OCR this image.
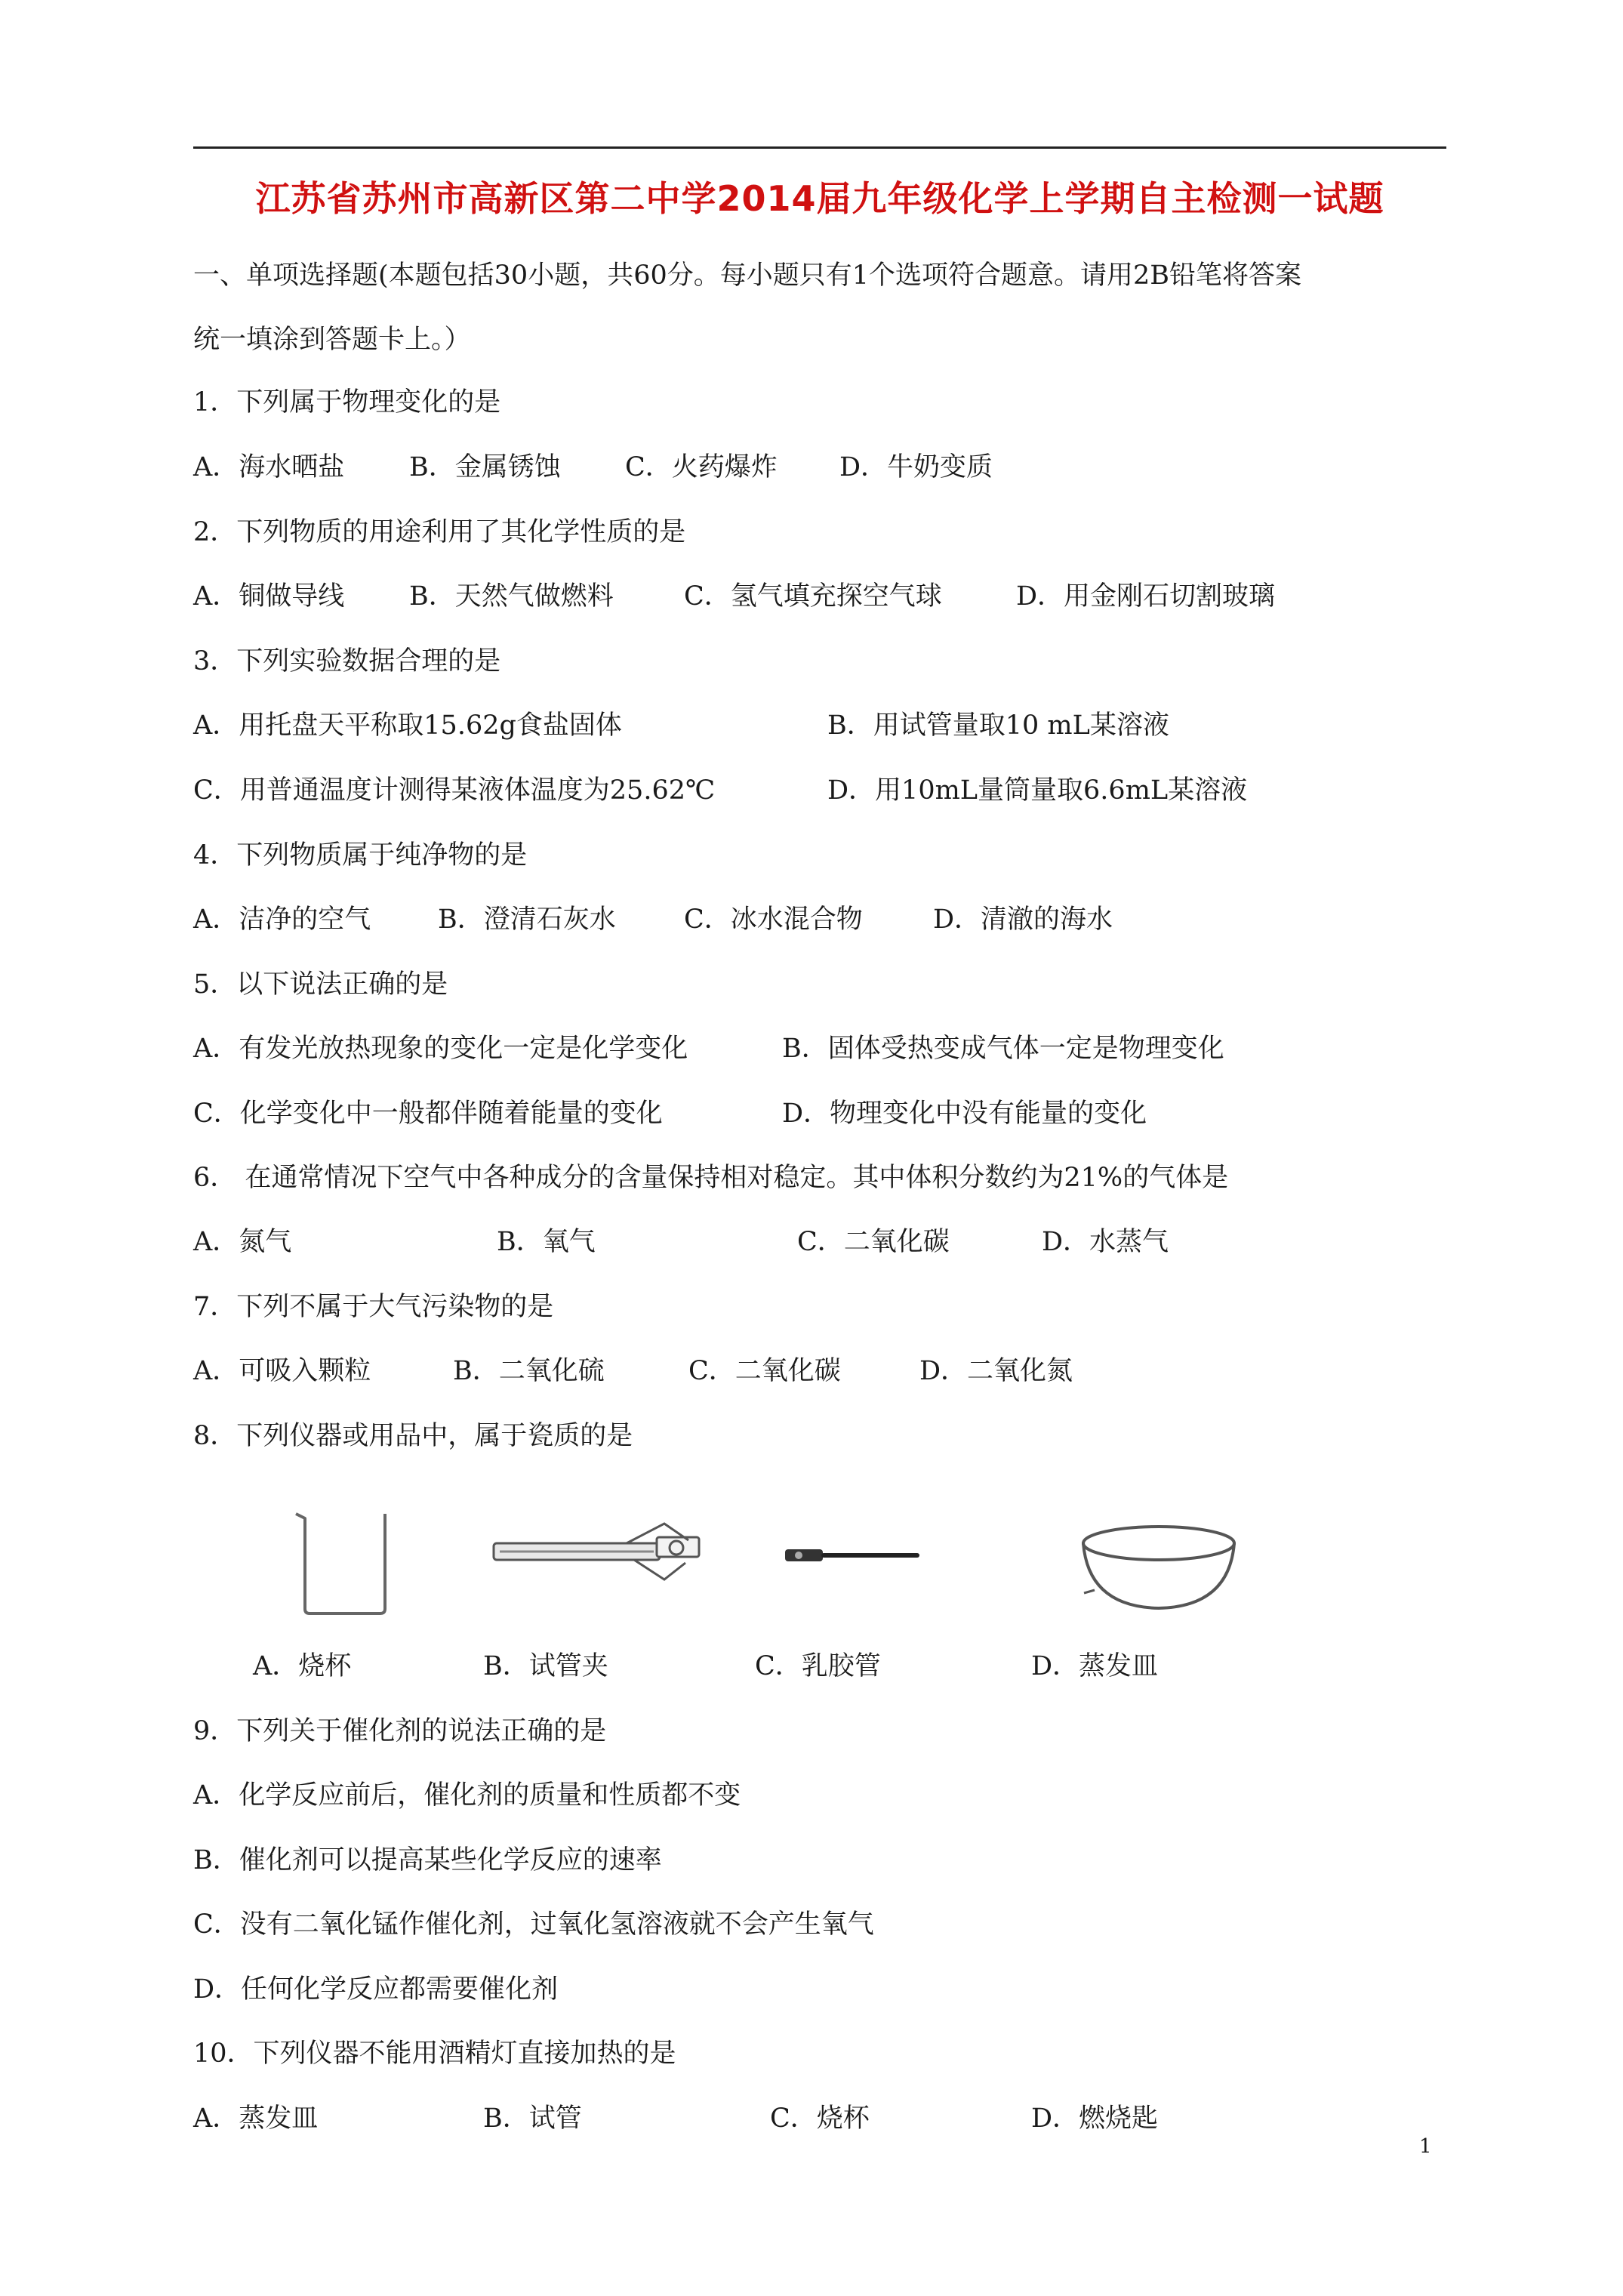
江苏省苏州市高新区第二中学2014届九年级化学上学期自主检测一试题
一、单项选择题(本题包括30小题，共60分。每小题只有1个选项符合题意。请用2B铅笔将答案
统一填涂到答题卡上。）
1．下列属于物理变化的是
A．海水晒盐 B．金属锈蚀 C．火药爆炸 D．牛奶变质
2．下列物质的用途利用了其化学性质的是
A．铜做导线 B．天然气做燃料	C．氢气填充探空气球	D．用金刚石切割玻璃
3．下列实验数据合理的是
A．用托盘天平称取15.62g食盐固体	B．用试管量取10 mL某溶液
C．用普通温度计测得某液体温度为25.62℃	D．用10mL量筒量取6.6mL某溶液
4．下列物质属于纯净物的是
A．洁净的空气	B．澄清石灰水	C．冰水混合物	D．清澈的海水
5．以下说法正确的是
A．有发光放热现象的变化一定是化学变化	B．固体受热变成气体一定是物理变化
C．化学变化中一般都伴随着能量的变化	D．物理变化中没有能量的变化
6． 在通常情况下空气中各种成分的含量保持相对稳定。其中体积分数约为21%的气体是
A．氮气	B．氧气	C．二氧化碳	D．水蒸气
7．下列不属于大气污染物的是
A．可吸入颗粒	B．二氧化硫	C．二氧化碳	D．二氧化氮
8．下列仪器或用品中，属于瓷质的是
A．烧杯	B．试管夹	C．乳胶管	D．蒸发皿
9．下列关于催化剂的说法正确的是
A．化学反应前后，催化剂的质量和性质都不变
B．催化剂可以提高某些化学反应的速率
C．没有二氧化锰作催化剂，过氧化氢溶液就不会产生氧气
D．任何化学反应都需要催化剂
10．下列仪器不能用酒精灯直接加热的是
A．蒸发皿	B．试管	C．烧杯	D．燃烧匙
1
